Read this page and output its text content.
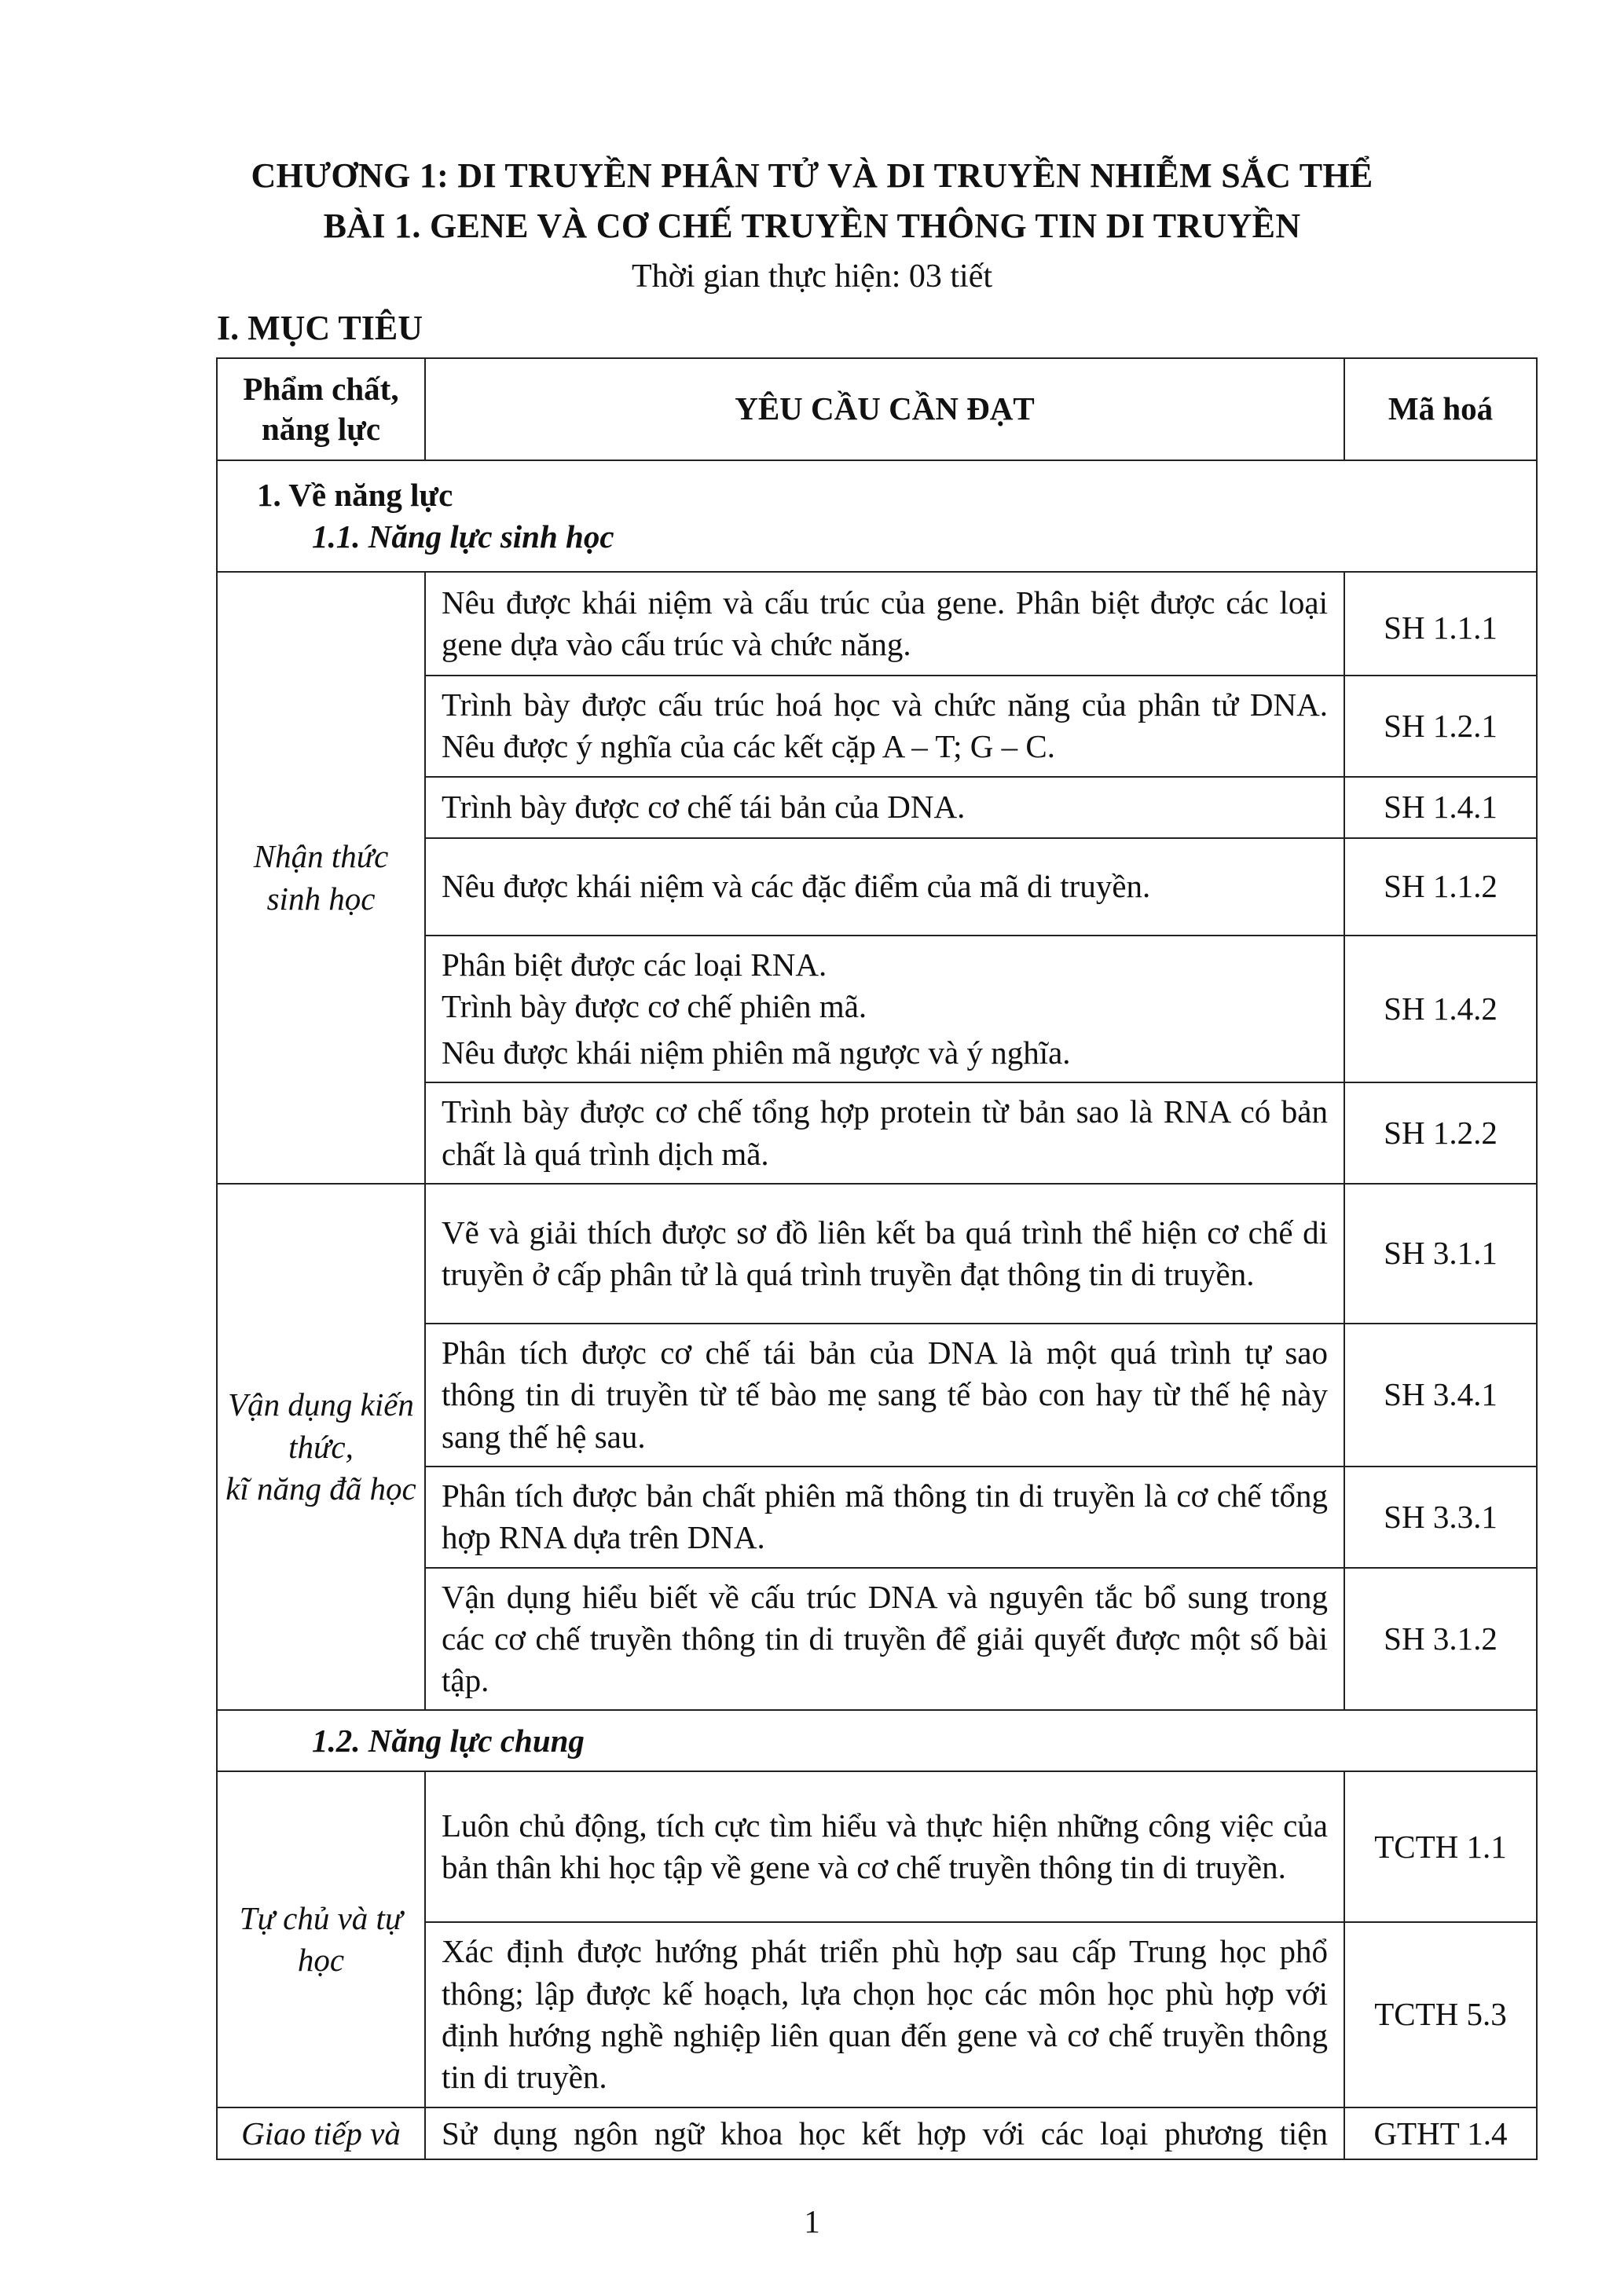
CHƯƠNG 1: DI TRUYỀN PHÂN TỬ VÀ DI TRUYỀN NHIỄM SẮC THỂ
BÀI 1. GENE VÀ CƠ CHẾ TRUYỀN THÔNG TIN DI TRUYỀN
Thời gian thực hiện: 03 tiết
I. MỤC TIÊU
Phẩm chất,
năng lực	YÊU CẦU CẦN ĐẠT	Mã hoá

1. Về năng lực
1.1. Năng lực sinh học		

Nhận thức sinh học	Nêu được khái niệm và cấu trúc của gene. Phân biệt được các loại gene dựa vào cấu trúc và chức năng.	SH 1.1.1
	Trình bày được cấu trúc hoá học và chức năng của phân tử DNA. Nêu được ý nghĩa của các kết cặp A – T; G – C.	SH 1.2.1
	Trình bày được cơ chế tái bản của DNA.	SH 1.4.1
	Nêu được khái niệm và các đặc điểm của mã di truyền.	SH 1.1.2

	Phân biệt được các loại RNA.
Trình bày được cơ chế phiên mã.
Nêu được khái niệm phiên mã ngược và ý nghĩa.	SH 1.4.2
	Trình bày được cơ chế tổng hợp protein từ bản sao là RNA có bản chất là quá trình dịch mã.	SH 1.2.2
Vận dụng kiến thức,
kĩ năng đã học	Vẽ và giải thích được sơ đồ liên kết ba quá trình thể hiện cơ chế di truyền ở cấp phân tử là quá trình truyền đạt thông tin di truyền.	SH 3.1.1
	Phân tích được cơ chế tái bản của DNA là một quá trình tự sao thông tin di truyền từ tế bào mẹ sang tế bào con hay từ thế hệ này sang thế hệ sau.	SH 3.4.1
	Phân tích được bản chất phiên mã thông tin di truyền là cơ chế tổng hợp RNA dựa trên DNA.	SH 3.3.1
	Vận dụng hiểu biết về cấu trúc DNA và nguyên tắc bổ sung trong các cơ chế truyền thông tin di truyền để giải quyết được một số bài tập.	SH 3.1.2

1.2. Năng lực chung		

Tự chủ và tự học	Luôn chủ động, tích cực tìm hiểu và thực hiện những công việc của bản thân khi học tập về gene và cơ chế truyền thông tin di truyền.	TCTH 1.1
	Xác định được hướng phát triển phù hợp sau cấp Trung học phổ thông; lập được kế hoạch, lựa chọn học các môn học phù hợp với định hướng nghề nghiệp liên quan đến gene và cơ chế truyền thông tin di truyền.	TCTH 5.3
Giao tiếp và	Sử dụng ngôn ngữ khoa học kết hợp với các loại phương tiện	GTHT 1.4
1
